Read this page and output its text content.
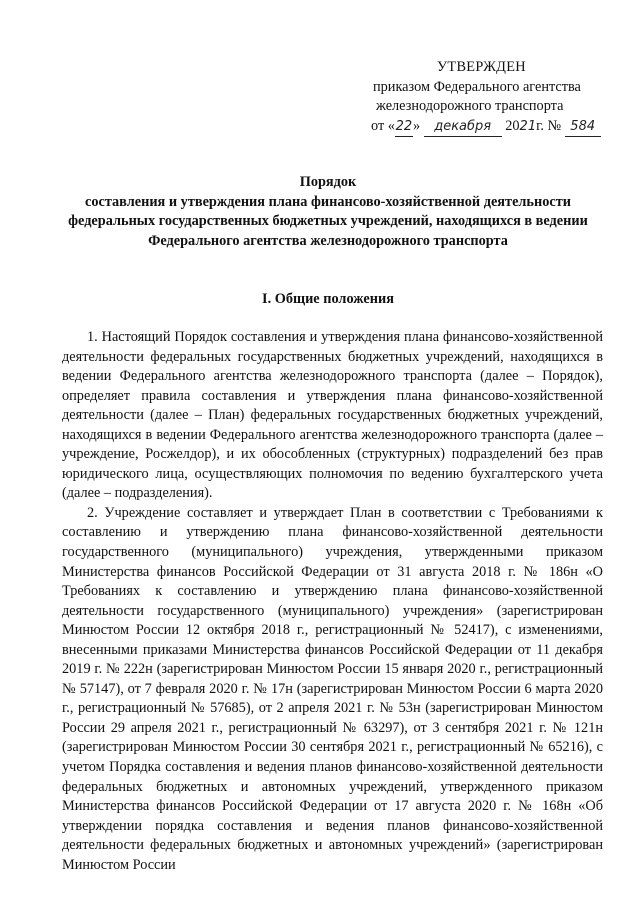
УТВЕРЖДЕН
приказом Федерального агентства
железнодорожного транспорта
от «22» декабря 2021г. № 584
Порядок
составления и утверждения плана финансово-хозяйственной деятельности федеральных государственных бюджетных учреждений, находящихся в ведении Федерального агентства железнодорожного транспорта
I. Общие положения

1. Настоящий Порядок составления и утверждения плана финансово-хозяйственной деятельности федеральных государственных бюджетных учреждений, находящихся в ведении Федерального агентства железнодорожного транспорта (далее – Порядок), определяет правила составления и утверждения плана финансово-хозяйственной деятельности (далее – План) федеральных государственных бюджетных учреждений, находящихся в ведении Федерального агентства железнодорожного транспорта (далее – учреждение, Росжелдор), и их обособленных (структурных) подразделений без прав юридического лица, осуществляющих полномочия по ведению бухгалтерского учета (далее – подразделения).

2. Учреждение составляет и утверждает План в соответствии с Требованиями к составлению и утверждению плана финансово-хозяйственной деятельности государственного (муниципального) учреждения, утвержденными приказом Министерства финансов Российской Федерации от 31 августа 2018 г. № 186н «О Требованиях к составлению и утверждению плана финансово-хозяйственной деятельности государственного (муниципального) учреждения» (зарегистрирован Минюстом России 12 октября 2018 г., регистрационный № 52417), с изменениями, внесенными приказами Министерства финансов Российской Федерации от 11 декабря 2019 г. № 222н (зарегистрирован Минюстом России 15 января 2020 г., регистрационный № 57147), от 7 февраля 2020 г. № 17н (зарегистрирован Минюстом России 6 марта 2020 г., регистрационный № 57685), от 2 апреля 2021 г. № 53н (зарегистрирован Минюстом России 29 апреля 2021 г., регистрационный № 63297), от 3 сентября 2021 г. № 121н (зарегистрирован Минюстом России 30 сентября 2021 г., регистрационный № 65216), с учетом Порядка составления и ведения планов финансово-хозяйственной деятельности федеральных бюджетных и автономных учреждений, утвержденного приказом Министерства финансов Российской Федерации от 17 августа 2020 г. № 168н «Об утверждении порядка составления и ведения планов финансово-хозяйственной деятельности федеральных бюджетных и автономных учреждений» (зарегистрирован Минюстом России
